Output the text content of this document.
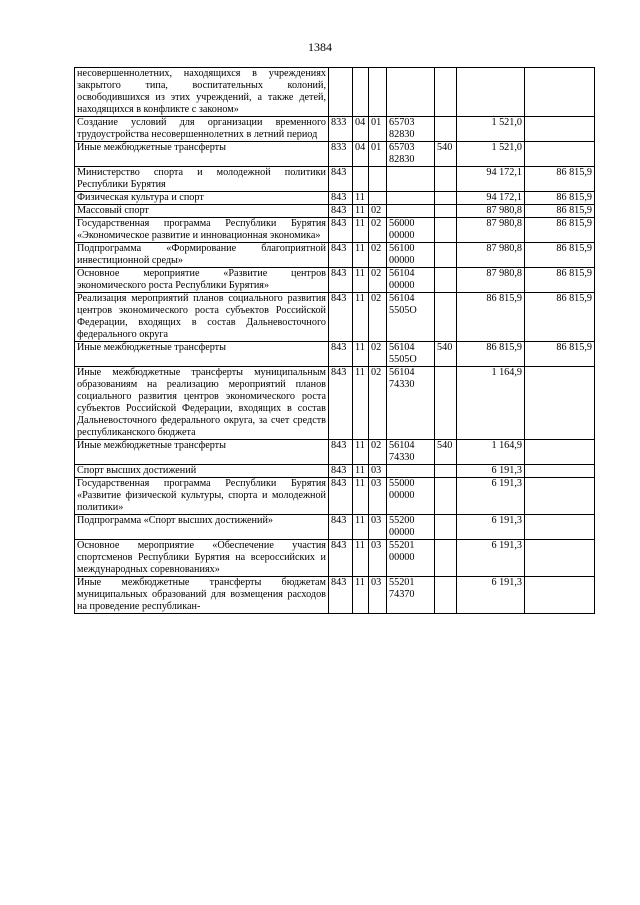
1384
несовершеннолетних, находящихся в учреждениях закрытого типа, воспитательных колоний, освободившихся из этих учреждений, а также детей, находящихся в конфликте с законом»				

Создание условий для организации временного трудоустройства несовершеннолетних в летний период	833	04	01	6570382830		1 521,0	
Иные межбюджетные трансферты	833	04	01	6570382830	540	1 521,0	
Министерство спорта и молодежной политики Республики Бурятия	843					94 172,1	86 815,9
Физическая культура и спорт	843	11				94 172,1	86 815,9
Массовый спорт	843	11	02			87 980,8	86 815,9
Государственная программа Республики Бурятия «Экономическое развитие и инновационная экономика»	843	11	02	5600000000		87 980,8	86 815,9
Подпрограмма «Формирование благоприятной инвестиционной среды»	843	11	02	5610000000		87 980,8	86 815,9
Основное мероприятие «Развитие центров экономического роста Республики Бурятия»	843	11	02	5610400000		87 980,8	86 815,9
Реализация мероприятий планов социального развития центров экономического роста субъектов Российской Федерации, входящих в состав Дальневосточного федерального округа	843	11	02	561045505О		86 815,9	86 815,9
Иные межбюджетные трансферты	843	11	02	561045505О	540	86 815,9	86 815,9
Иные межбюджетные трансферты муниципальным образованиям на реализацию мероприятий планов социального развития центров экономического роста субъектов Российской Федерации, входящих в состав Дальневосточного федерального округа, за счет средств республиканского бюджета	843	11	02	5610474330		1 164,9	
Иные межбюджетные трансферты	843	11	02	5610474330	540	1 164,9	
Спорт высших достижений	843	11	03			6 191,3	
Государственная программа Республики Бурятия «Развитие физической культуры, спорта и молодежной политики»	843	11	03	5500000000		6 191,3	
Подпрограмма «Спорт высших достижений»	843	11	03	5520000000		6 191,3	
Основное мероприятие «Обеспечение участия спортсменов Республики Бурятия на всероссийских и международных соревнованиях»	843	11	03	5520100000		6 191,3	
Иные межбюджетные трансферты бюджетам муниципальных образований для возмещения расходов на проведение республикан-	843	11	03	5520174370		6 191,3	
